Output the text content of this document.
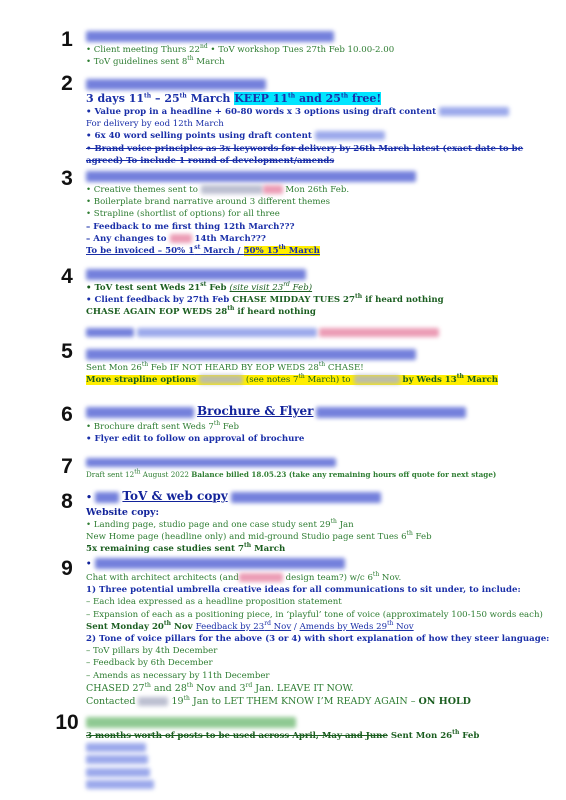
1
2
3
4
5
6
7
8
9
10
• Client meeting Thurs 22nd • ToV workshop Tues 27th Feb 10.00-2.00
• ToV guidelines sent 8th March
3 days 11th – 25th March KEEP 11th and 25th free!
• Value prop in a headline + 60-80 words x 3 options using draft content
For delivery by eod 12th March
• 6x 40 word selling points using draft content
• Brand voice principles as 3x keywords for delivery by 26th March latest (exact date to be
agreed) To include 1 round of development/amends
• Creative themes sent to	Mon 26th Feb.
• Boilerplate brand narrative around 3 different themes
• Strapline (shortlist of options) for all three
– Feedback to me first thing 12th March???
– Any changes to	14th March???
To be invoiced – 50% 1st March / 50% 15th March
• ToV test sent Weds 21st Feb (site visit 23rd Feb)
• Client feedback by 27th Feb CHASE MIDDAY TUES 27th if heard nothing
CHASE AGAIN EOP WEDS 28th if heard nothing

Sent Mon 26th Feb IF NOT HEARD BY EOP WEDS 28th CHASE!
More strapline options	(see notes 7th March) to	by Weds 13th March
Brochure & Flyer
• Brochure draft sent Weds 7th Feb
• Flyer edit to follow on approval of brochure
Draft sent 12th August 2022 Balance billed 18.05.23 (take any remaining hours off quote for next stage)
•  ToV & web copy
Website copy:
• Landing page, studio page and one case study sent 29th Jan
New Home page (headline only) and mid-ground Studio page sent Tues 6th Feb
5x remaining case studies sent 7th March
•
Chat with architect architects (and	design team?) w/c 6th Nov.
1) Three potential umbrella creative ideas for all communications to sit under, to include:
– Each idea expressed as a headline proposition statement
– Expansion of each as a positioning piece, in ‘playful’ tone of voice (approximately 100-150 words each)
Sent Monday 20th Nov Feedback by 23rd Nov / Amends by Weds 29th Nov
2) Tone of voice pillars for the above (3 or 4) with short explanation of how they steer language:
– ToV pillars by 4th December
– Feedback by 6th December
– Amends as necessary by 11th December
CHASED 27th and 28th Nov and 3rd Jan. LEAVE IT NOW.
Contacted	19th Jan to LET THEM KNOW I’M READY AGAIN – ON HOLD
3 months worth of posts to be used across April, May and June Sent Mon 26th Feb
